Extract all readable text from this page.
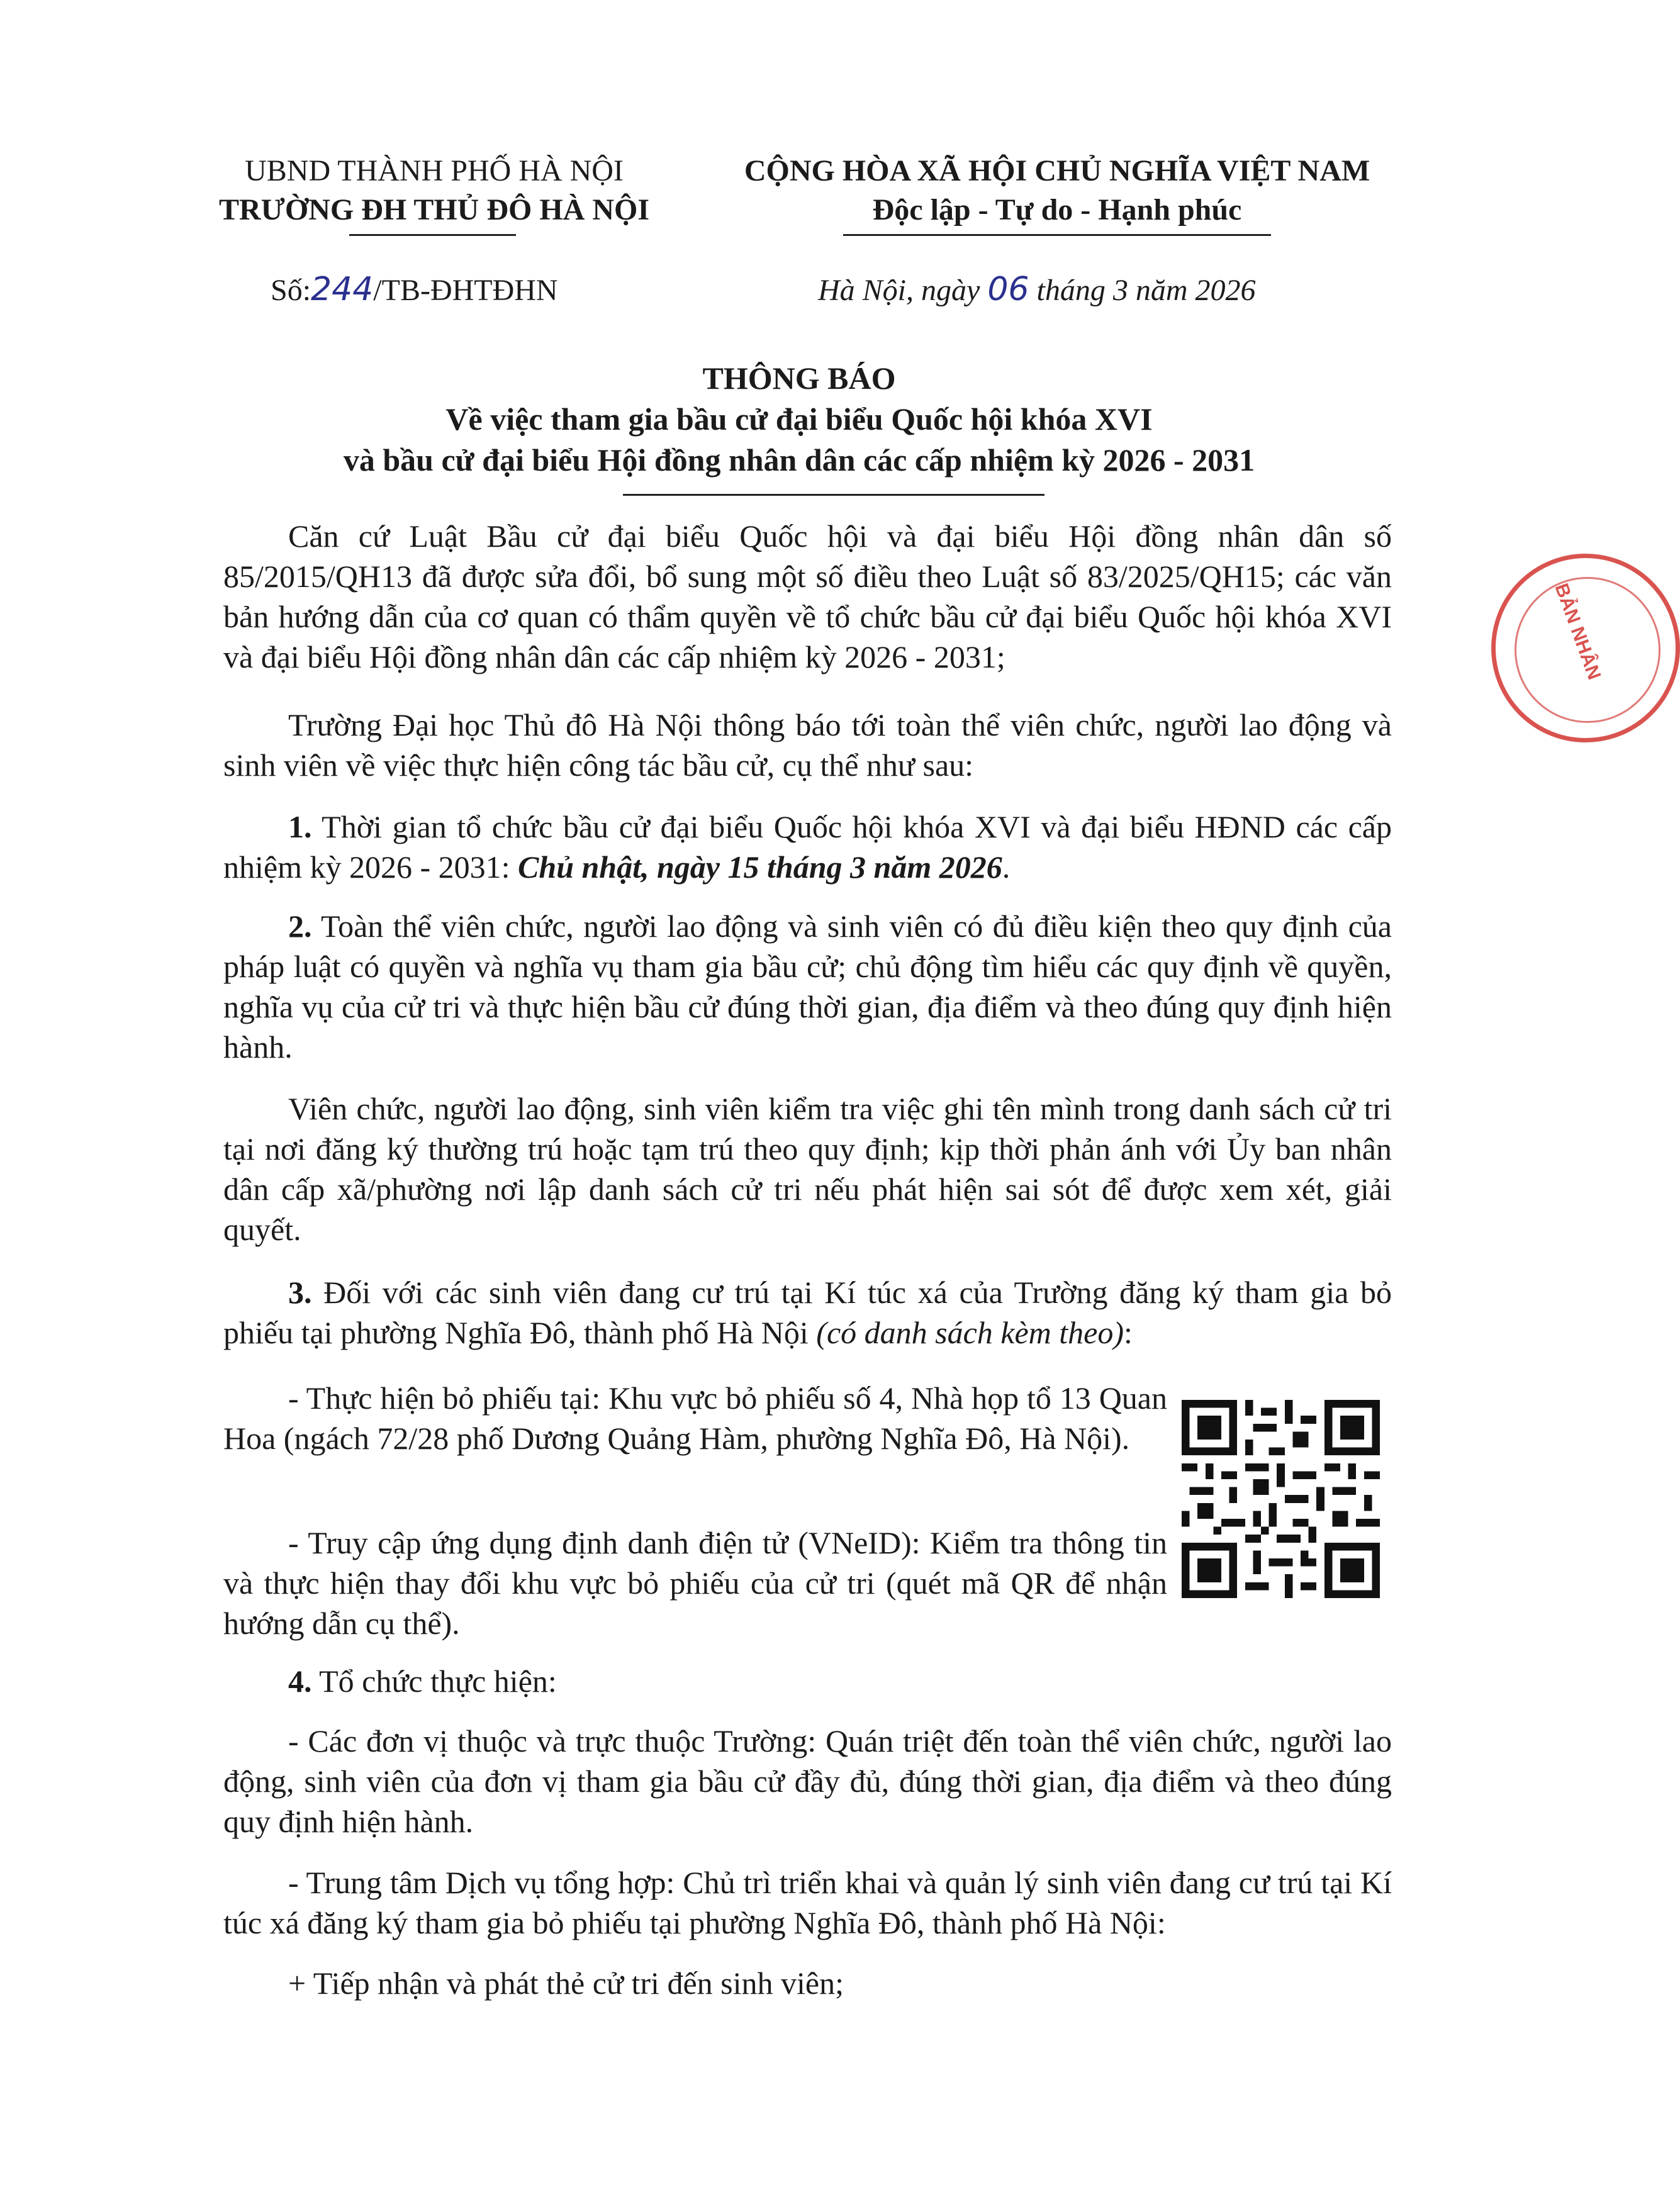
UBND THÀNH PHỐ HÀ NỘI
TRƯỜNG ĐH THỦ ĐÔ HÀ NỘI
CỘNG HÒA XÃ HỘI CHỦ NGHĨA VIỆT NAM
Độc lập - Tự do - Hạnh phúc
Số:244/TB-ĐHTĐHN	Hà Nội, ngày 06 tháng 3 năm 2026
THÔNG BÁO
Về việc tham gia bầu cử đại biểu Quốc hội khóa XVI
và bầu cử đại biểu Hội đồng nhân dân các cấp nhiệm kỳ 2026 - 2031

Căn cứ Luật Bầu cử đại biểu Quốc hội và đại biểu Hội đồng nhân dân số 85/2015/QH13 đã được sửa đổi, bổ sung một số điều theo Luật số 83/2025/QH15; các văn bản hướng dẫn của cơ quan có thẩm quyền về tổ chức bầu cử đại biểu Quốc hội khóa XVI và đại biểu Hội đồng nhân dân các cấp nhiệm kỳ 2026 - 2031;

Trường Đại học Thủ đô Hà Nội thông báo tới toàn thể viên chức, người lao động và sinh viên về việc thực hiện công tác bầu cử, cụ thể như sau:

1. Thời gian tổ chức bầu cử đại biểu Quốc hội khóa XVI và đại biểu HĐND các cấp nhiệm kỳ 2026 - 2031: Chủ nhật, ngày 15 tháng 3 năm 2026.

2. Toàn thể viên chức, người lao động và sinh viên có đủ điều kiện theo quy định của pháp luật có quyền và nghĩa vụ tham gia bầu cử; chủ động tìm hiểu các quy định về quyền, nghĩa vụ của cử tri và thực hiện bầu cử đúng thời gian, địa điểm và theo đúng quy định hiện hành.

Viên chức, người lao động, sinh viên kiểm tra việc ghi tên mình trong danh sách cử tri tại nơi đăng ký thường trú hoặc tạm trú theo quy định; kịp thời phản ánh với Ủy ban nhân dân cấp xã/phường nơi lập danh sách cử tri nếu phát hiện sai sót để được xem xét, giải quyết.

3. Đối với các sinh viên đang cư trú tại Kí túc xá của Trường đăng ký tham gia bỏ phiếu tại phường Nghĩa Đô, thành phố Hà Nội (có danh sách kèm theo):

- Thực hiện bỏ phiếu tại: Khu vực bỏ phiếu số 4, Nhà họp tổ 13 Quan Hoa (ngách 72/28 phố Dương Quảng Hàm, phường Nghĩa Đô, Hà Nội).

- Truy cập ứng dụng định danh điện tử (VNeID): Kiểm tra thông tin và thực hiện thay đổi khu vực bỏ phiếu của cử tri (quét mã QR để nhận hướng dẫn cụ thể).

4. Tổ chức thực hiện:

- Các đơn vị thuộc và trực thuộc Trường: Quán triệt đến toàn thể viên chức, người lao động, sinh viên của đơn vị tham gia bầu cử đầy đủ, đúng thời gian, địa điểm và theo đúng quy định hiện hành.

- Trung tâm Dịch vụ tổng hợp: Chủ trì triển khai và quản lý sinh viên đang cư trú tại Kí túc xá đăng ký tham gia bỏ phiếu tại phường Nghĩa Đô, thành phố Hà Nội:

+ Tiếp nhận và phát thẻ cử tri đến sinh viên;

BẢN NHÂN
